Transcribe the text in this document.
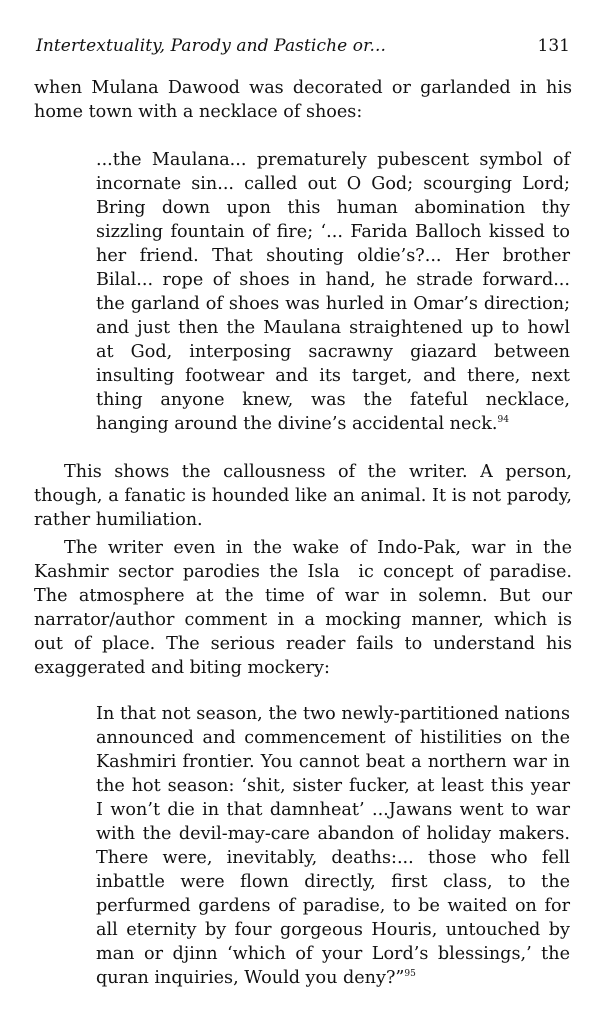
Intertextuality, Parody and Pastiche or...	131

when Mulana Dawood was decorated or garlanded in his home town with a necklace of shoes:

...the Maulana... prematurely pubescent symbol of incornate sin... called out O God; scourging Lord; Bring down upon this human abomination thy sizzling fountain of fire; ‘... Farida Balloch kissed to her friend. That shouting oldie’s?... Her brother Bilal... rope of shoes in hand, he strade forward... the garland of shoes was hurled in Omar’s direction; and just then the Maulana straightened up to howl at God, interposing sacrawny giazard between insulting footwear and its target, and there, next thing anyone knew, was the fateful necklace, hanging around the divine’s accidental neck.$^{94}$

This shows the callousness of the writer. A person, though, a fanatic is hounded like an animal. It is not parody, rather humiliation.

The writer even in the wake of Indo-Pak, war in the Kashmir sector parodies the Isla  ic concept of paradise. The atmosphere at the time of war in solemn. But our narrator/author comment in a mocking manner, which is out of place. The serious reader fails to understand his exaggerated and biting mockery:

In that not season, the two newly-partitioned nations announced and commencement of histilities on the Kashmiri frontier. You cannot beat a northern war in the hot season: ‘shit, sister fucker, at least this year I won’t die in that damnheat’ ...Jawans went to war with the devil-may-care abandon of holiday makers. There were, inevitably, deaths:... those who fell inbattle were flown directly, first class, to the perfurmed gardens of paradise, to be waited on for all eternity by four gorgeous Houris, untouched by man or djinn ‘which of your Lord’s blessings,’ the quran inquiries, Would you deny?”$^{95}$
